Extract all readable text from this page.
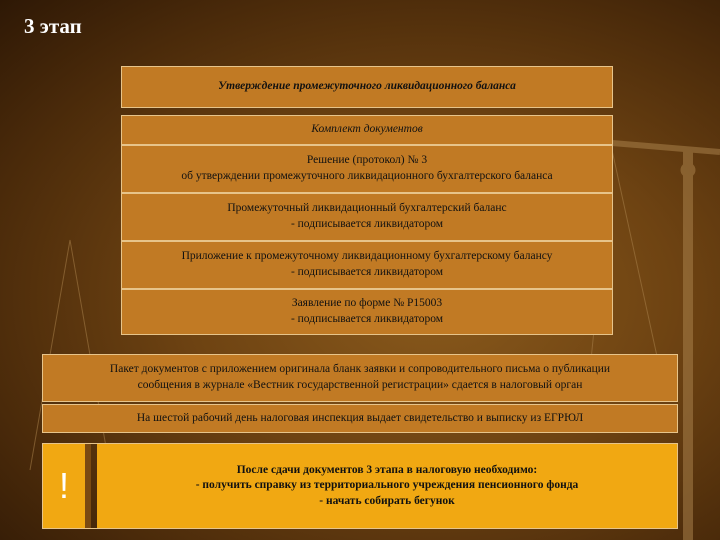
3 этап
Утверждение промежуточного ликвидационного баланса
Комплект документов
Решение (протокол) № 3
об утверждении промежуточного ликвидационного бухгалтерского баланса
Промежуточный ликвидационный бухгалтерский баланс
- подписывается ликвидатором
Приложение к промежуточному ликвидационному бухгалтерскому балансу
- подписывается ликвидатором
Заявление по форме № Р15003
- подписывается ликвидатором
Пакет документов с приложением оригинала бланк заявки и сопроводительного письма о публикации
сообщения в журнале «Вестник государственной регистрации» сдается в налоговый орган
На шестой рабочий день налоговая инспекция выдает свидетельство и выписку из ЕГРЮЛ
!	После сдачи документов 3 этапа в налоговую необходимо:
- получить справку из территориального учреждения пенсионного фонда
- начать собирать бегунок
